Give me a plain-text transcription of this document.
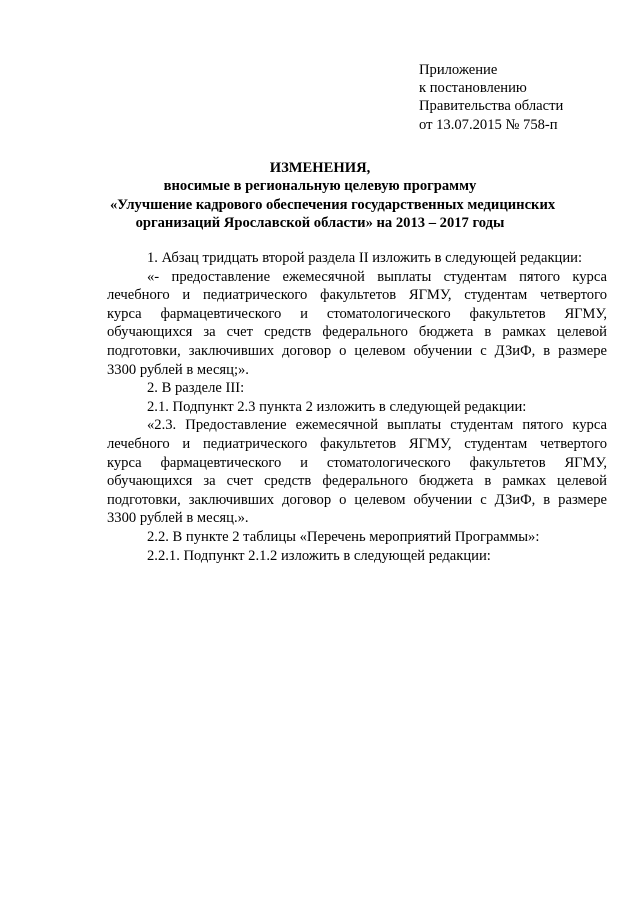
Приложение
к постановлению
Правительства области
от 13.07.2015 № 758-п
ИЗМЕНЕНИЯ,
вносимые в региональную целевую программу
«Улучшение кадрового обеспечения государственных медицинских
организаций Ярославской области» на 2013 – 2017 годы
1. Абзац тридцать второй раздела II изложить в следующей редакции:
«- предоставление ежемесячной выплаты студентам пятого курса
лечебного и педиатрического факультетов ЯГМУ, студентам четвертого
курса фармацевтического и стоматологического факультетов ЯГМУ,
обучающихся за счет средств федерального бюджета в рамках целевой
подготовки, заключивших договор о целевом обучении с ДЗиФ, в размере
3300 рублей в месяц;».
2. В разделе III:
2.1. Подпункт 2.3 пункта 2 изложить в следующей редакции:
«2.3. Предоставление ежемесячной выплаты студентам пятого курса
лечебного и педиатрического факультетов ЯГМУ, студентам четвертого
курса фармацевтического и стоматологического факультетов ЯГМУ,
обучающихся за счет средств федерального бюджета в рамках целевой
подготовки, заключивших договор о целевом обучении с ДЗиФ, в размере
3300 рублей в месяц.».
2.2. В пункте 2 таблицы «Перечень мероприятий Программы»:
2.2.1. Подпункт 2.1.2 изложить в следующей редакции:
